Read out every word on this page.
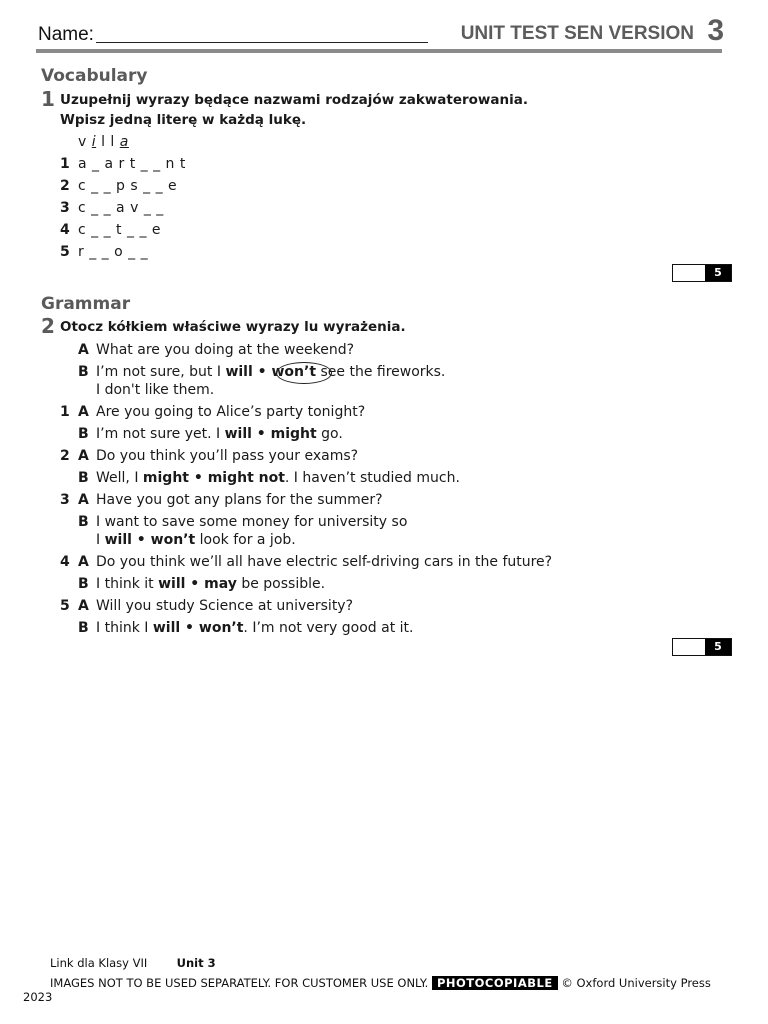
Name:	UNIT TEST SEN VERSION 3
Vocabulary
1 Uzupełnij wyrazy będące nazwami rodzajów zakwaterowania.
Wpisz jedną literę w każdą lukę.
v i l l a
1 a _ a r t _ _ n t
2 c _ _ p s _ _ e
3 c _ _ a v _ _
4 c _ _ t _ _ e
5 r _ _ o _ _
5
Grammar
2 Otocz kółkiem właściwe wyrazy lu wyrażenia.
A What are you doing at the weekend?
B I’m not sure, but I will • won’t see the fireworks.
I don't like them.
1 A Are you going to Alice’s party tonight?
B I’m not sure yet. I will • might go.
2 A Do you think you’ll pass your exams?
B Well, I might • might not. I haven’t studied much.
3 A Have you got any plans for the summer?
B I want to save some money for university so
I will • won’t look for a job.
4 A Do you think we’ll all have electric self-driving cars in the future?
B I think it will • may be possible.
5 A Will you study Science at university?
B I think I will • won’t. I’m not very good at it.
5
Link dla Klasy VII	Unit 3
IMAGES NOT TO BE USED SEPARATELY. FOR CUSTOMER USE ONLY. PHOTOCOPIABLE © Oxford University Press
2023
